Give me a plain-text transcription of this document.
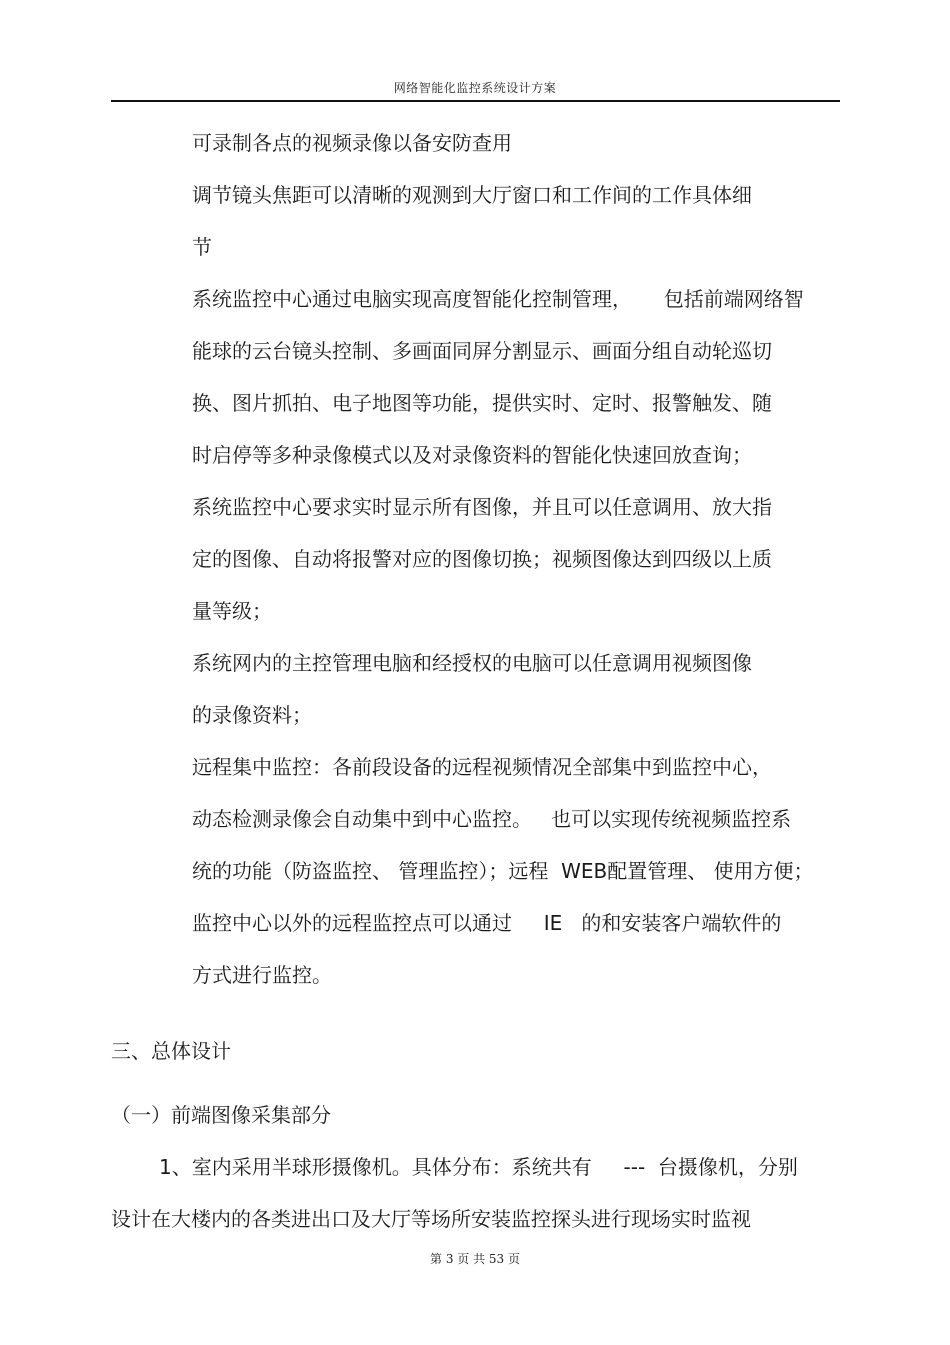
网络智能化监控系统设计方案
可录制各点的视频录像以备安防查用
调节镜头焦距可以清晰的观测到大厅窗口和工作间的工作具体细
节
系统监控中心通过电脑实现高度智能化控制管理，     包括前端网络智
能球的云台镜头控制、多画面同屏分割显示、画面分组自动轮巡切
换、图片抓拍、电子地图等功能，提供实时、定时、报警触发、随
时启停等多种录像模式以及对录像资料的智能化快速回放查询；
系统监控中心要求实时显示所有图像，并且可以任意调用、放大指
定的图像、自动将报警对应的图像切换；视频图像达到四级以上质
量等级；
系统网内的主控管理电脑和经授权的电脑可以任意调用视频图像
的录像资料；
远程集中监控：各前段设备的远程视频情况全部集中到监控中心，
动态检测录像会自动集中到中心监控。   也可以实现传统视频监控系
统的功能（防盗监控、 管理监控）；远程  WEB配置管理、 使用方便；
监控中心以外的远程监控点可以通过     IE   的和安装客户端软件的
方式进行监控。
三、总体设计
（一）前端图像采集部分
1、室内采用半球形摄像机。具体分布：系统共有     ---  台摄像机，分别
设计在大楼内的各类进出口及大厅等场所安装监控探头进行现场实时监视
第 3 页 共 53 页
